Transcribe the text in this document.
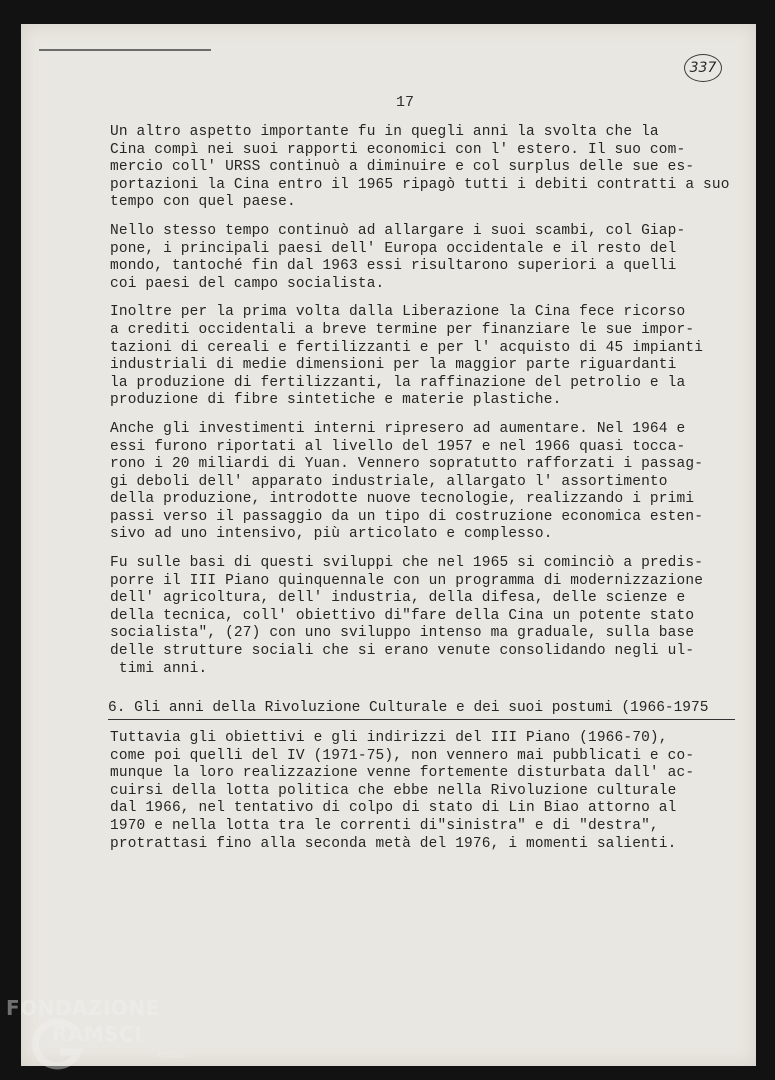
337
17
Un altro aspetto importante fu in quegli anni la svolta che la
Cina compì nei suoi rapporti economici con l' estero. Il suo com-
mercio coll' URSS continuò a diminuire e col surplus delle sue es-
portazioni la Cina entro il 1965 ripagò tutti i debiti contratti a suo
tempo con quel paese.
Nello stesso tempo continuò ad allargare i suoi scambi, col Giap-
pone, i principali paesi dell' Europa occidentale e il resto del
mondo, tantoché fin dal 1963 essi risultarono superiori a quelli
coi paesi del campo socialista.
Inoltre per la prima volta dalla Liberazione la Cina fece ricorso
a crediti occidentali a breve termine per finanziare le sue impor-
tazioni di cereali e fertilizzanti e per l' acquisto di 45 impianti
industriali di medie dimensioni per la maggior parte riguardanti
la produzione di fertilizzanti, la raffinazione del petrolio e la
produzione di fibre sintetiche e materie plastiche.
Anche gli investimenti interni ripresero ad aumentare. Nel 1964 e
essi furono riportati al livello del 1957 e nel 1966 quasi tocca-
rono i 20 miliardi di Yuan. Vennero sopratutto rafforzati i passag-
gi deboli dell' apparato industriale, allargato l' assortimento
della produzione, introdotte nuove tecnologie, realizzando i primi
passi verso il passaggio da un tipo di costruzione economica esten-
sivo ad uno intensivo, più articolato e complesso.
Fu sulle basi di questi sviluppi che nel 1965 si cominciò a predis-
porre il III Piano quinquennale con un programma di modernizzazione
dell' agricoltura, dell' industria, della difesa, delle scienze e
della tecnica, coll' obiettivo di"fare della Cina un potente stato
socialista", (27) con uno sviluppo intenso ma graduale, sulla base
delle strutture sociali che si erano venute consolidando negli ul-
timi anni.
6. Gli anni della Rivoluzione Culturale e dei suoi postumi (1966-1975
Tuttavia gli obiettivi e gli indirizzi del III Piano (1966-70),
come poi quelli del IV (1971-75), non vennero mai pubblicati e co-
munque la loro realizzazione venne fortemente disturbata dall' ac-
cuirsi della lotta politica che ebbe nella Rivoluzione culturale
dal 1966, nel tentativo di colpo di stato di Lin Biao attorno al
1970 e nella lotta tra le correnti di"sinistra" e di "destra",
protrattasi fino alla seconda metà del 1976, i momenti salienti.
FONDAZIONE
RAMSCI
onlus
